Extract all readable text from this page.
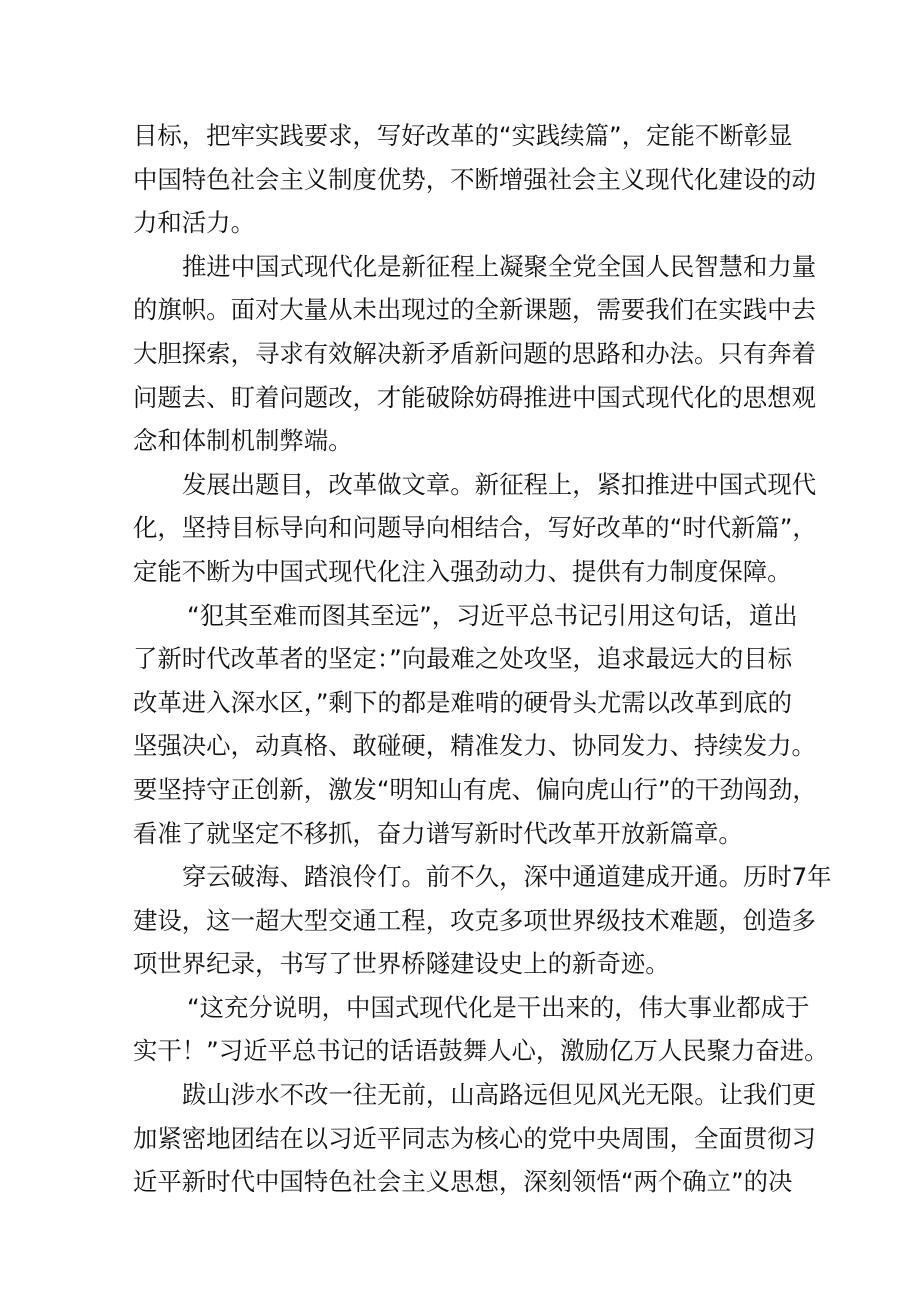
目标，把牢实践要求，写好改革的“实践续篇”，定能不断彰显
中国特色社会主义制度优势，不断增强社会主义现代化建设的动
力和活力。
推进中国式现代化是新征程上凝聚全党全国人民智慧和力量
的旗帜。面对大量从未出现过的全新课题，需要我们在实践中去
大胆探索，寻求有效解决新矛盾新问题的思路和办法。只有奔着
问题去、盯着问题改，才能破除妨碍推进中国式现代化的思想观
念和体制机制弊端。
发展出题目，改革做文章。新征程上，紧扣推进中国式现代
化，坚持目标导向和问题导向相结合，写好改革的“时代新篇”，
定能不断为中国式现代化注入强劲动力、提供有力制度保障。
“犯其至难而图其至远”，习近平总书记引用这句话，道出
了新时代改革者的坚定：”向最难之处攻坚，追求最远大的目标
改革进入深水区，”剩下的都是难啃的硬骨头尤需以改革到底的
坚强决心，动真格、敢碰硬，精准发力、协同发力、持续发力。
要坚持守正创新，激发“明知山有虎、偏向虎山行”的干劲闯劲，
看准了就坚定不移抓，奋力谱写新时代改革开放新篇章。
穿云破海、踏浪伶仃。前不久，深中通道建成开通。历时7年
建设，这一超大型交通工程，攻克多项世界级技术难题，创造多
项世界纪录，书写了世界桥隧建设史上的新奇迹。
“这充分说明，中国式现代化是干出来的，伟大事业都成于
实干！”习近平总书记的话语鼓舞人心，激励亿万人民聚力奋进。
跋山涉水不改一往无前，山高路远但见风光无限。让我们更
加紧密地团结在以习近平同志为核心的党中央周围，全面贯彻习
近平新时代中国特色社会主义思想，深刻领悟“两个确立”的决
